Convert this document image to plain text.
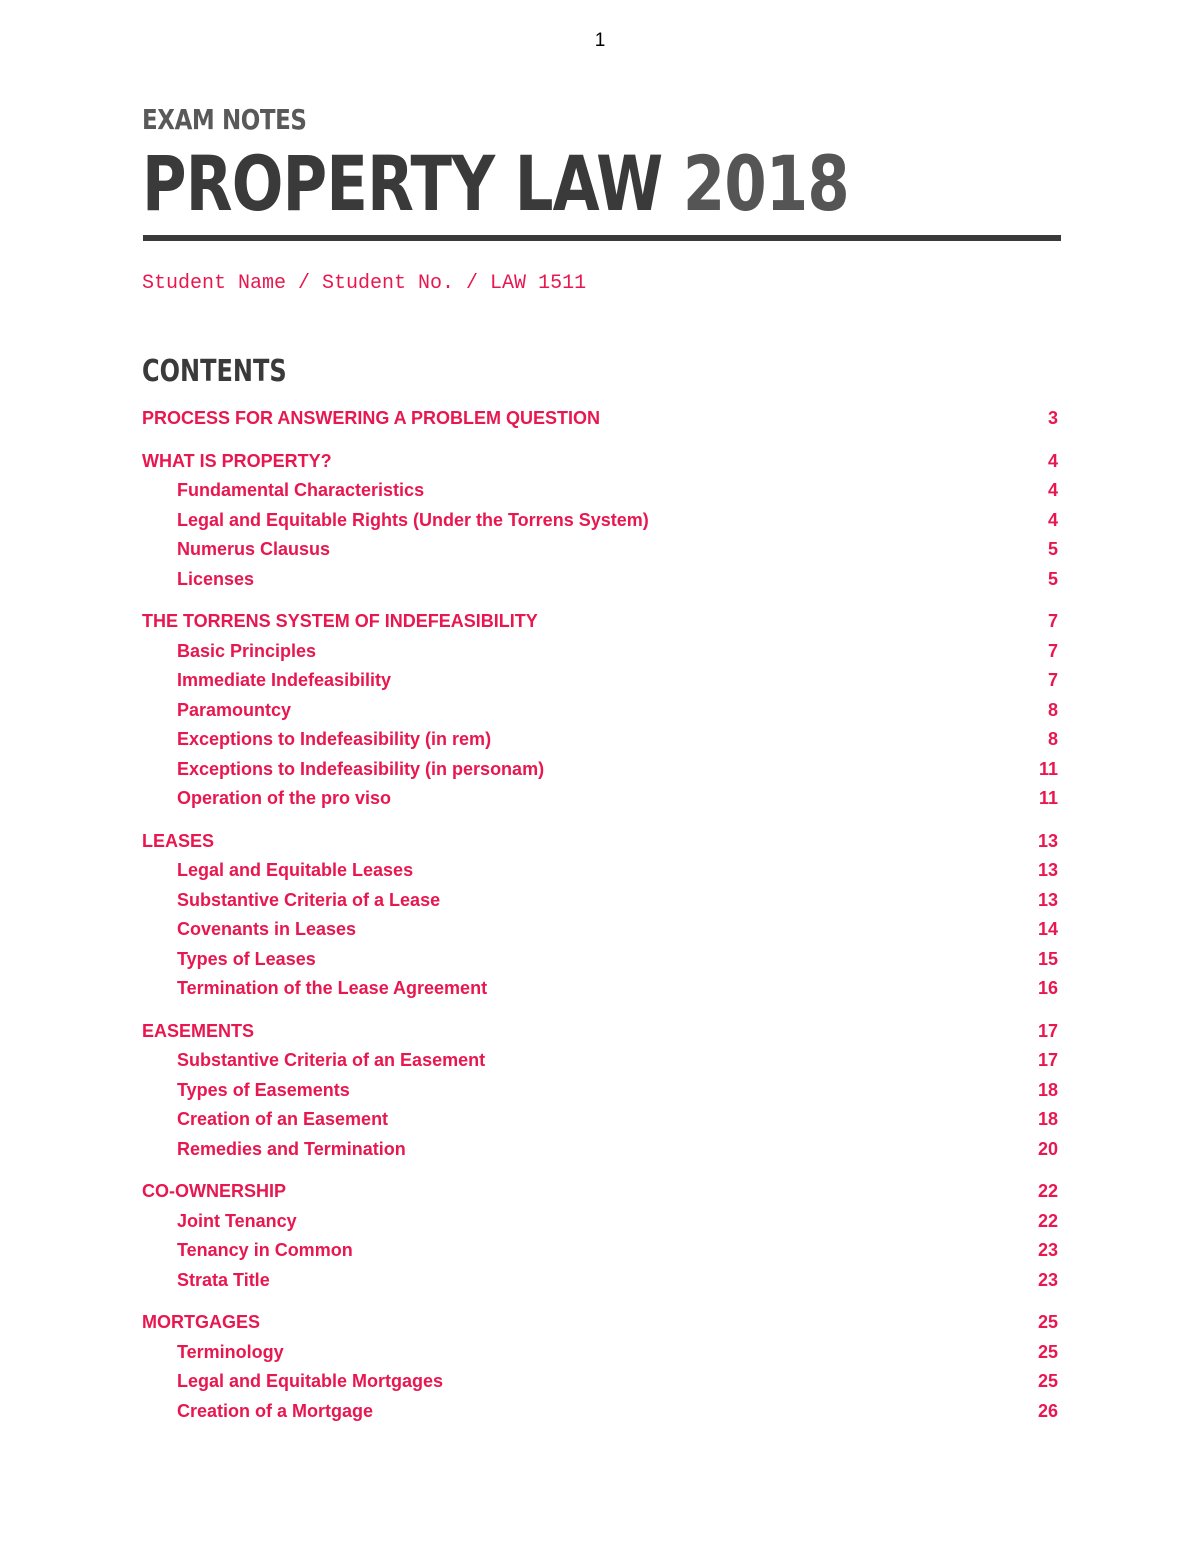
1
EXAM NOTES
PROPERTY LAW 2018
Student Name / Student No. / LAW 1511
CONTENTS
PROCESS FOR ANSWERING A PROBLEM QUESTION	3
WHAT IS PROPERTY?	4
Fundamental Characteristics	4
Legal and Equitable Rights (Under the Torrens System)	4
Numerus Clausus	5
Licenses	5
THE TORRENS SYSTEM OF INDEFEASIBILITY	7
Basic Principles	7
Immediate Indefeasibility	7
Paramountcy	8
Exceptions to Indefeasibility (in rem)	8
Exceptions to Indefeasibility (in personam)	11
Operation of the pro viso	11
LEASES	13
Legal and Equitable Leases	13
Substantive Criteria of a Lease	13
Covenants in Leases	14
Types of Leases	15
Termination of the Lease Agreement	16
EASEMENTS	17
Substantive Criteria of an Easement	17
Types of Easements	18
Creation of an Easement	18
Remedies and Termination	20
CO-OWNERSHIP	22
Joint Tenancy	22
Tenancy in Common	23
Strata Title	23
MORTGAGES	25
Terminology	25
Legal and Equitable Mortgages	25
Creation of a Mortgage	26
